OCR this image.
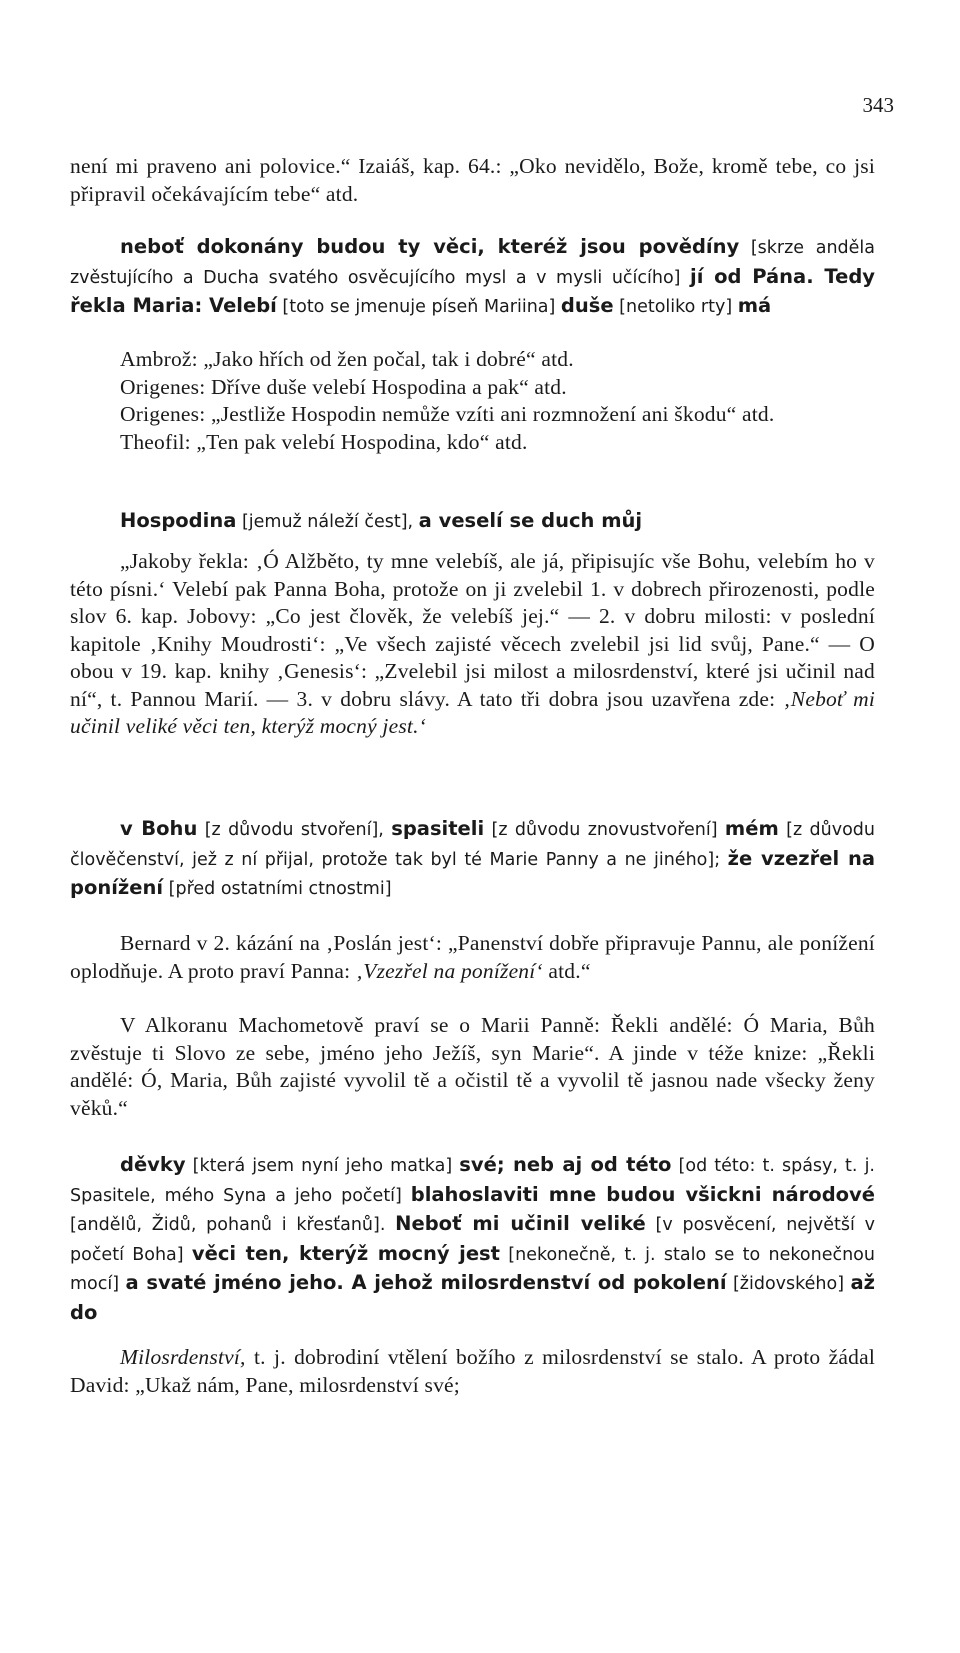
343

není mi praveno ani polovice.“ Izaiáš, kap. 64.: „Oko nevidělo, Bože, kromě tebe, co jsi připravil očekávajícím tebe“ atd.

neboť dokonány budou ty věci, kteréž jsou povědíny [skrze anděla zvěstujícího a Ducha svatého osvěcujícího mysl a v mysli učícího] jí od Pána. Tedy řekla Maria: Velebí [toto se jmenuje píseň Mariina] duše [netoliko rty] má

Ambrož: „Jako hřích od žen počal, tak i dobré“ atd.

Origenes: Dříve duše velebí Hospodina a pak“ atd.

Origenes: „Jestliže Hospodin nemůže vzíti ani rozmnožení ani škodu“ atd.

Theofil: „Ten pak velebí Hospodina, kdo“ atd.

Hospodina [jemuž náleží čest], a veselí se duch můj

„Jakoby řekla: ‚Ó Alžběto, ty mne velebíš, ale já, připisujíc vše Bohu, velebím ho v této písni.‘ Velebí pak Panna Boha, protože on ji zvelebil 1. v dobrech přirozenosti, podle slov 6. kap. Jobovy: „Co jest člověk, že velebíš jej.“ — 2. v dobru milosti: v poslední kapitole ‚Knihy Moudrosti‘: „Ve všech zajisté věcech zvelebil jsi lid svůj, Pane.“ — O obou v 19. kap. knihy ‚Genesis‘: „Zvelebil jsi milost a milosrdenství, které jsi učinil nad ní“, t. Pannou Marií. — 3. v dobru slávy. A tato tři dobra jsou uzavřena zde: ‚Neboť mi učinil veliké věci ten, kterýž mocný jest.‘

v Bohu [z důvodu stvoření], spasiteli [z důvodu znovustvoření] mém [z důvodu člověčenství, jež z ní přijal, protože tak byl té Marie Panny a ne jiného]; že vzezřel na ponížení [před ostatními ctnostmi]

Bernard v 2. kázání na ‚Poslán jest‘: „Panenství dobře připravuje Pannu, ale ponížení oplodňuje. A proto praví Panna: ‚Vzezřel na ponížení‘ atd.“

V Alkoranu Machometově praví se o Marii Panně: Řekli andělé: Ó Maria, Bůh zvěstuje ti Slovo ze sebe, jméno jeho Ježíš, syn Marie“. A jinde v téže knize: „Řekli andělé: Ó, Maria, Bůh zajisté vyvolil tě a očistil tě a vyvolil tě jasnou nade všecky ženy věků.“

děvky [která jsem nyní jeho matka] své; neb aj od této [od této: t. spásy, t. j. Spasitele, mého Syna a jeho početí] blahoslaviti mne budou všickni národové [andělů, Židů, pohanů i křesťanů]. Neboť mi učinil veliké [v posvěcení, největší v početí Boha] věci ten, kterýž mocný jest [nekonečně, t. j. stalo se to nekonečnou mocí] a svaté jméno jeho. A jehož milosrdenství od pokolení [židovského] až do

Milosrdenství, t. j. dobrodiní vtělení božího z milosrdenství se stalo. A proto žádal David: „Ukaž nám, Pane, milosrdenství své;
